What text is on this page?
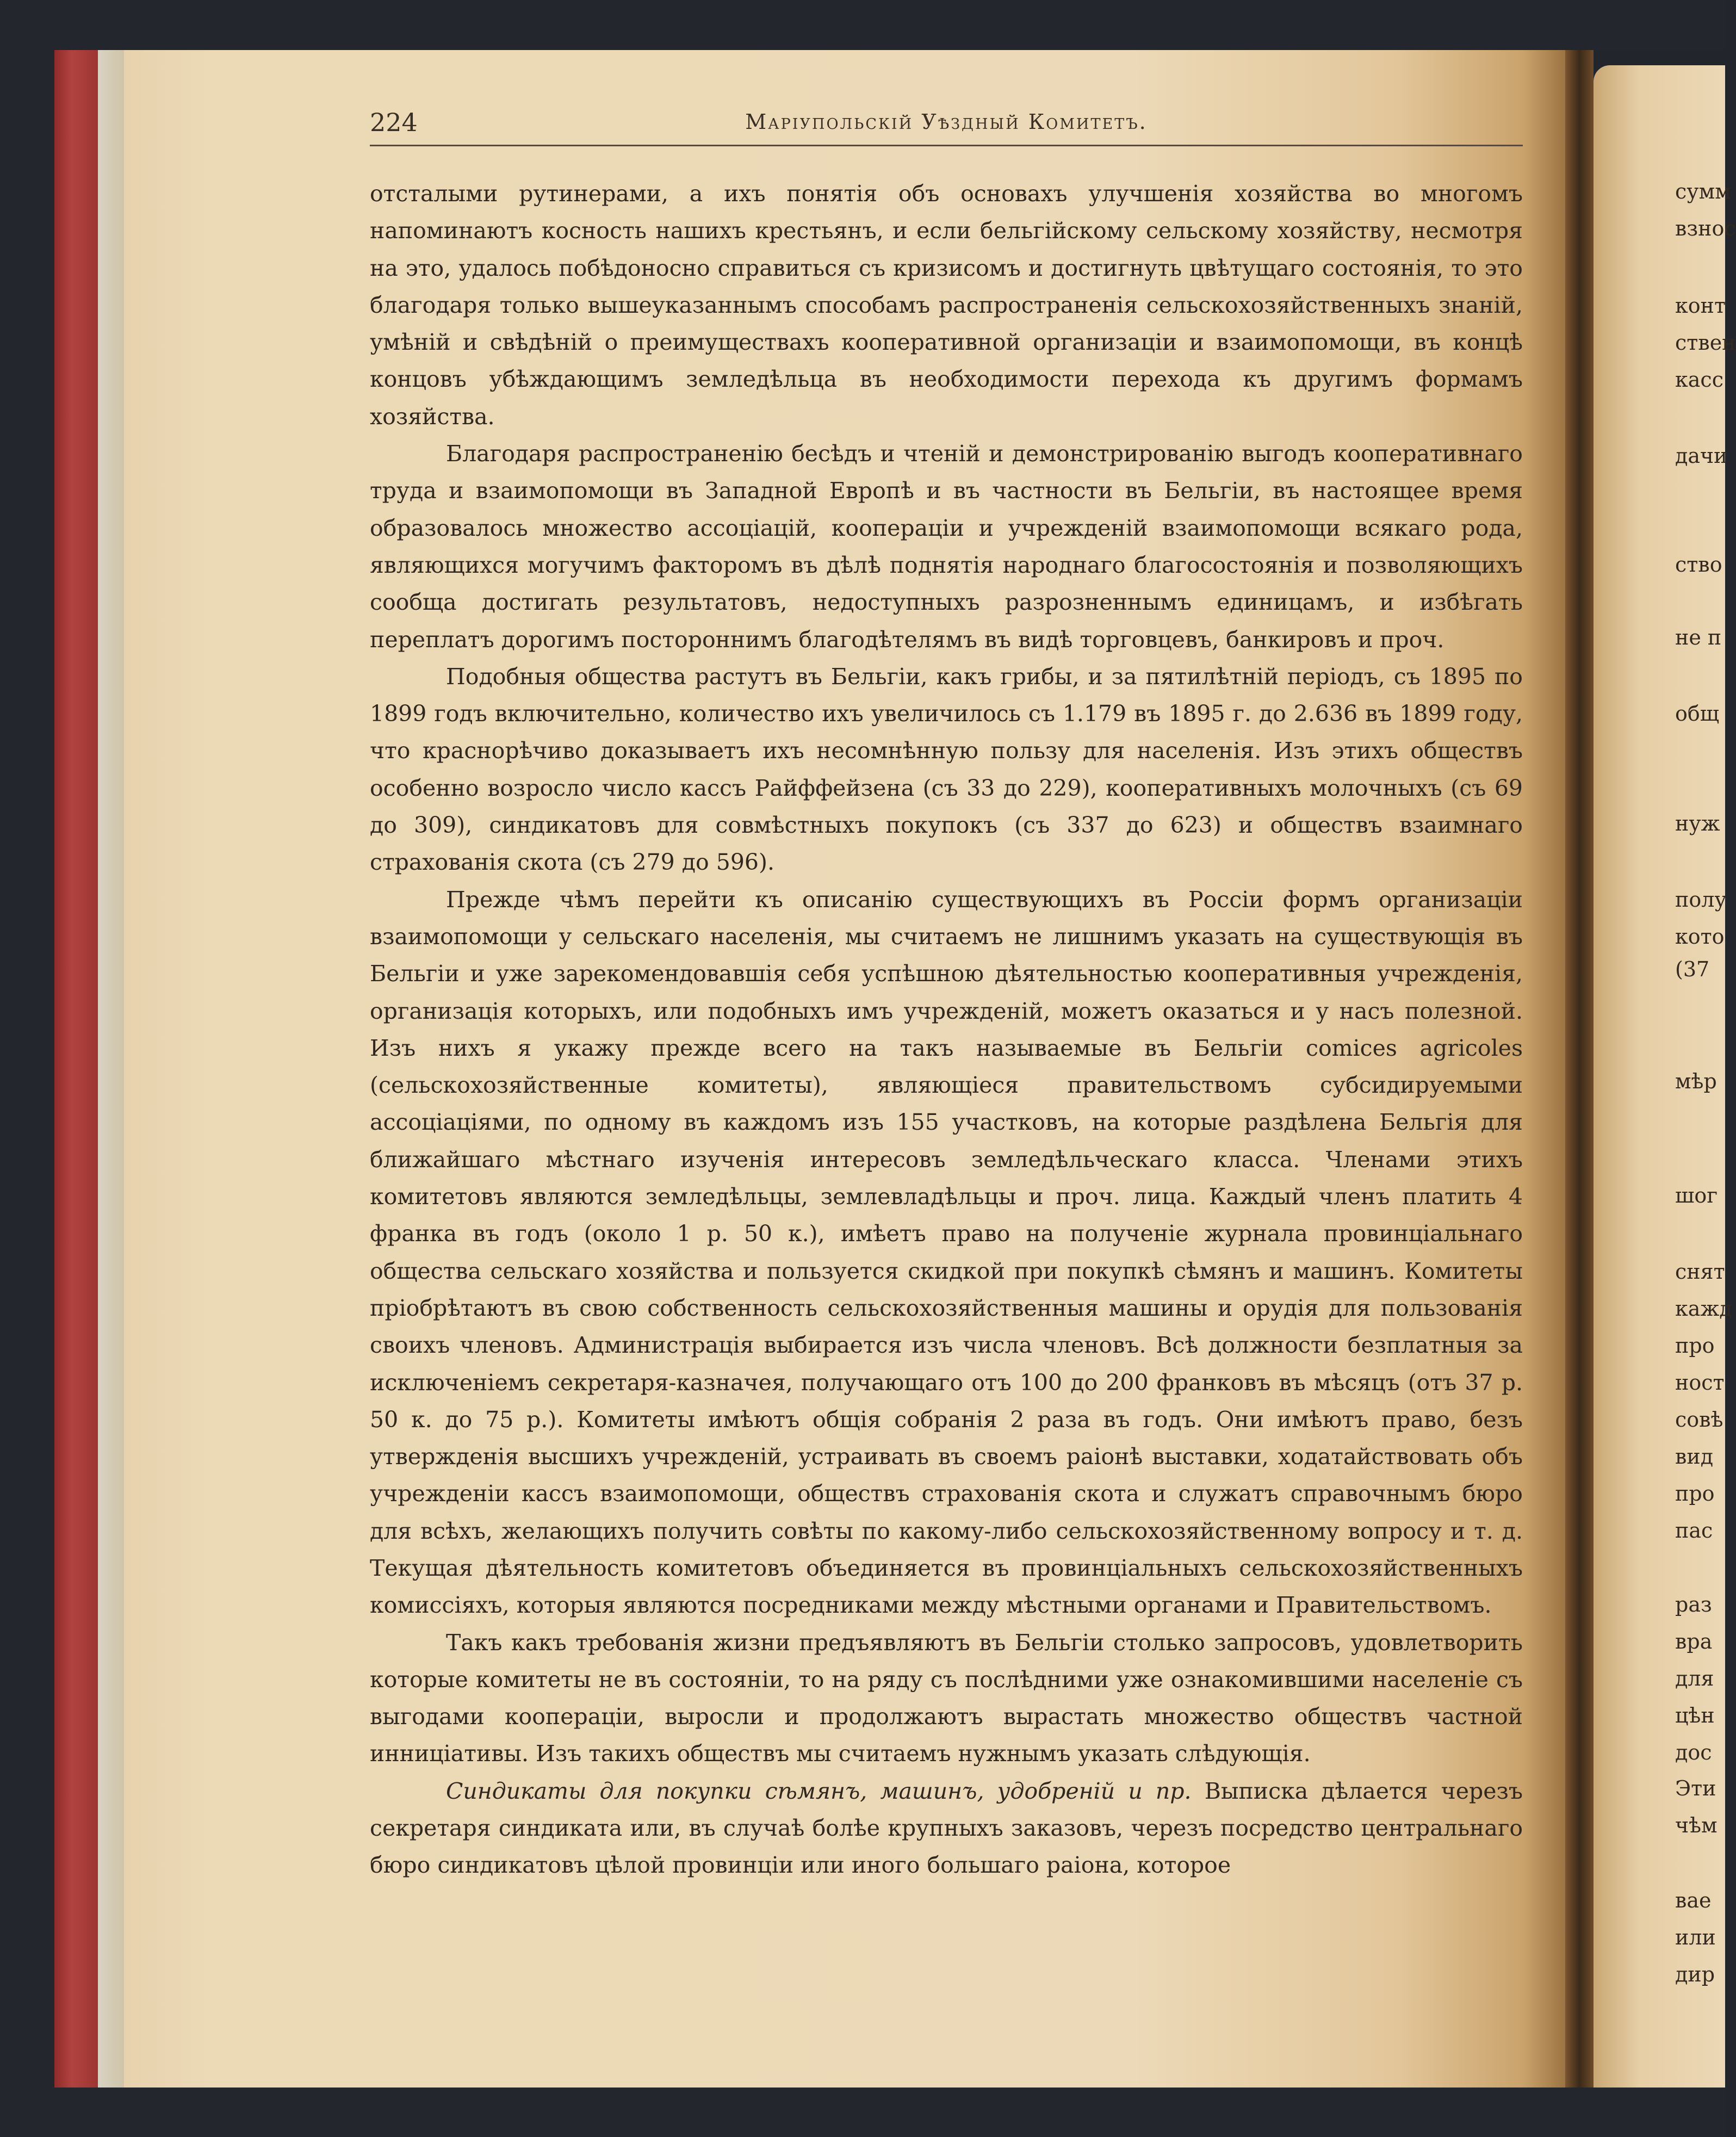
224	Маріупольскій Уѣздный Комитетъ.

отсталыми рутинерами, а ихъ понятія объ основахъ улучшенія хозяйства во многомъ напоминаютъ косность нашихъ крестьянъ, и если бельгійскому сельскому хозяйству, несмотря на это, удалось побѣдоносно справиться съ кризисомъ и достигнуть цвѣтущаго состоянія, то это благодаря только вышеуказаннымъ способамъ распространенія сельскохозяйственныхъ знаній, умѣній и свѣдѣній о преимуществахъ кооперативной организаціи и взаимопомощи, въ концѣ концовъ убѣждающимъ земледѣльца въ необходимости перехода къ другимъ формамъ хозяйства.

Благодаря распространенію бесѣдъ и чтеній и демонстрированію выгодъ кооперативнаго труда и взаимопомощи въ Западной Европѣ и въ частности въ Бельгіи, въ настоящее время образовалось множество ассоціацій, коопераціи и учрежденій взаимопомощи всякаго рода, являющихся могучимъ факторомъ въ дѣлѣ поднятія народнаго благосостоянія и позволяющихъ сообща достигать результатовъ, недоступныхъ разрозненнымъ единицамъ, и избѣгать переплатъ дорогимъ постороннимъ благодѣтелямъ въ видѣ торговцевъ, банкировъ и проч.

Подобныя общества растутъ въ Бельгіи, какъ грибы, и за пятилѣтній періодъ, съ 1895 по 1899 годъ включительно, количество ихъ увеличилось съ 1.179 въ 1895 г. до 2.636 въ 1899 году, что краснорѣчиво доказываетъ ихъ несомнѣнную пользу для населенія. Изъ этихъ обществъ особенно возросло число кассъ Райффейзена (съ 33 до 229), кооперативныхъ молочныхъ (съ 69 до 309), синдикатовъ для совмѣстныхъ покупокъ (съ 337 до 623) и обществъ взаимнаго страхованія скота (съ 279 до 596).

Прежде чѣмъ перейти къ описанію существующихъ въ Россіи формъ организаціи взаимопомощи у сельскаго населенія, мы считаемъ не лишнимъ указать на существующія въ Бельгіи и уже зарекомендовавшія себя успѣшною дѣятельностью кооперативныя учрежденія, организація которыхъ, или подобныхъ имъ учрежденій, можетъ оказаться и у насъ полезной. Изъ нихъ я укажу прежде всего на такъ называемые въ Бельгіи comices agricoles (сельскохозяйственные комитеты), являющіеся правительствомъ субсидируемыми ассоціаціями, по одному въ каждомъ изъ 155 участковъ, на которые раздѣлена Бельгія для ближайшаго мѣстнаго изученія интересовъ земледѣльческаго класса. Членами этихъ комитетовъ являются земледѣльцы, землевладѣльцы и проч. лица. Каждый членъ платить 4 франка въ годъ (около 1 р. 50 к.), имѣетъ право на полученіе журнала провинціальнаго общества сельскаго хозяйства и пользуется скидкой при покупкѣ сѣмянъ и машинъ. Комитеты пріобрѣтаютъ въ свою собственность сельскохозяйственныя машины и орудія для пользованія своихъ членовъ. Администрація выбирается изъ числа членовъ. Всѣ должности безплатныя за исключеніемъ секретаря-казначея, получающаго отъ 100 до 200 франковъ въ мѣсяцъ (отъ 37 р. 50 к. до 75 р.). Комитеты имѣютъ общія собранія 2 раза въ годъ. Они имѣютъ право, безъ утвержденія высшихъ учрежденій, устраивать въ своемъ раіонѣ выставки, ходатайствовать объ учрежденіи кассъ взаимопомощи, обществъ страхованія скота и служатъ справочнымъ бюро для всѣхъ, желающихъ получить совѣты по какому-либо сельскохозяйственному вопросу и т. д. Текущая дѣятельность комитетовъ объединяется въ провинціальныхъ сельскохозяйственныхъ комиссіяхъ, которыя являются посредниками между мѣстными органами и Правительствомъ.

Такъ какъ требованія жизни предъявляютъ въ Бельгіи столько запросовъ, удовлетворить которые комитеты не въ состояніи, то на ряду съ послѣдними уже ознакомившими населеніе съ выгодами коопераціи, выросли и продолжаютъ вырастать множество обществъ частной инниціативы. Изъ такихъ обществъ мы считаемъ нужнымъ указать слѣдующія.

Синдикаты для покупки сѣмянъ, машинъ, удобреній и пр. Выписка дѣлается черезъ секретаря синдиката или, въ случаѣ болѣе крупныхъ заказовъ, черезъ посредство центральнаго бюро синдикатовъ цѣлой провинціи или иного большаго раіона, которое

сумм
взнос
конт
ствен
касс
дачи
ство
не п
общ
нуж
полу
кото
(37
мѣр
шог
снят
кажд
про
ност
совѣ
вид
про
пас
раз
вра
для
цѣн
дос
Эти
чѣм
вае
или
дир
